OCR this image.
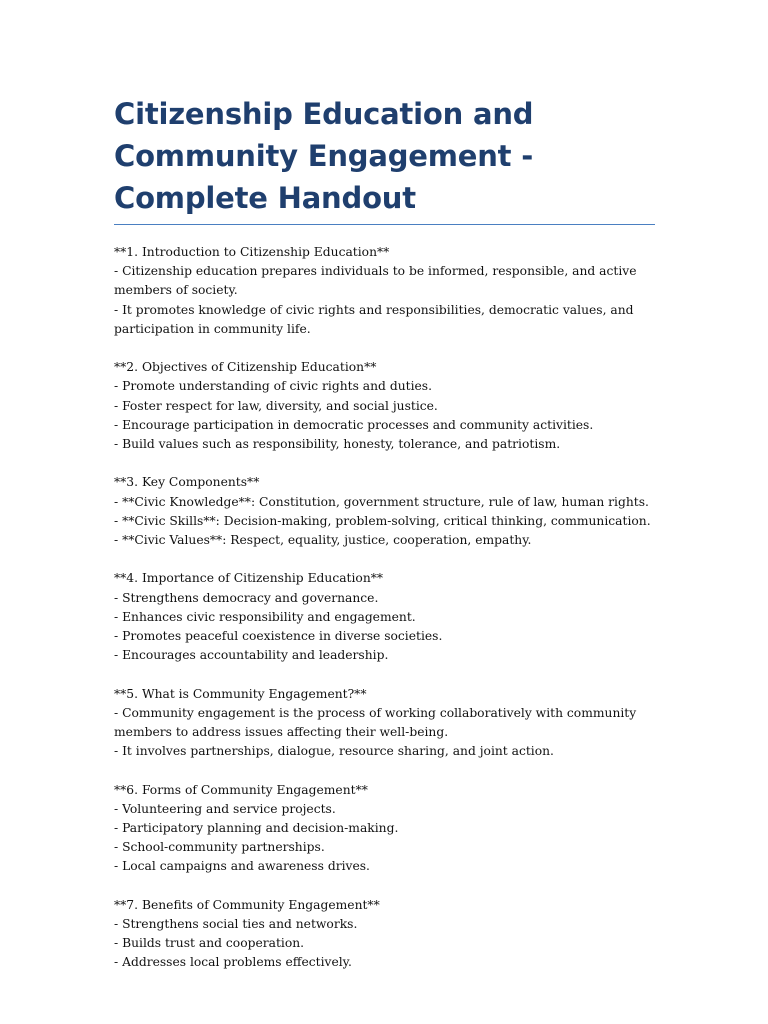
Citizenship Education and Community Engagement - Complete Handout
**1. Introduction to Citizenship Education**
- Citizenship education prepares individuals to be informed, responsible, and active members of society.
- It promotes knowledge of civic rights and responsibilities, democratic values, and participation in community life.
**2. Objectives of Citizenship Education**
- Promote understanding of civic rights and duties.
- Foster respect for law, diversity, and social justice.
- Encourage participation in democratic processes and community activities.
- Build values such as responsibility, honesty, tolerance, and patriotism.
**3. Key Components**
- **Civic Knowledge**: Constitution, government structure, rule of law, human rights.
- **Civic Skills**: Decision-making, problem-solving, critical thinking, communication.
- **Civic Values**: Respect, equality, justice, cooperation, empathy.
**4. Importance of Citizenship Education**
- Strengthens democracy and governance.
- Enhances civic responsibility and engagement.
- Promotes peaceful coexistence in diverse societies.
- Encourages accountability and leadership.
**5. What is Community Engagement?**
- Community engagement is the process of working collaboratively with community members to address issues affecting their well-being.
- It involves partnerships, dialogue, resource sharing, and joint action.
**6. Forms of Community Engagement**
- Volunteering and service projects.
- Participatory planning and decision-making.
- School-community partnerships.
- Local campaigns and awareness drives.
**7. Benefits of Community Engagement**
- Strengthens social ties and networks.
- Builds trust and cooperation.
- Addresses local problems effectively.
